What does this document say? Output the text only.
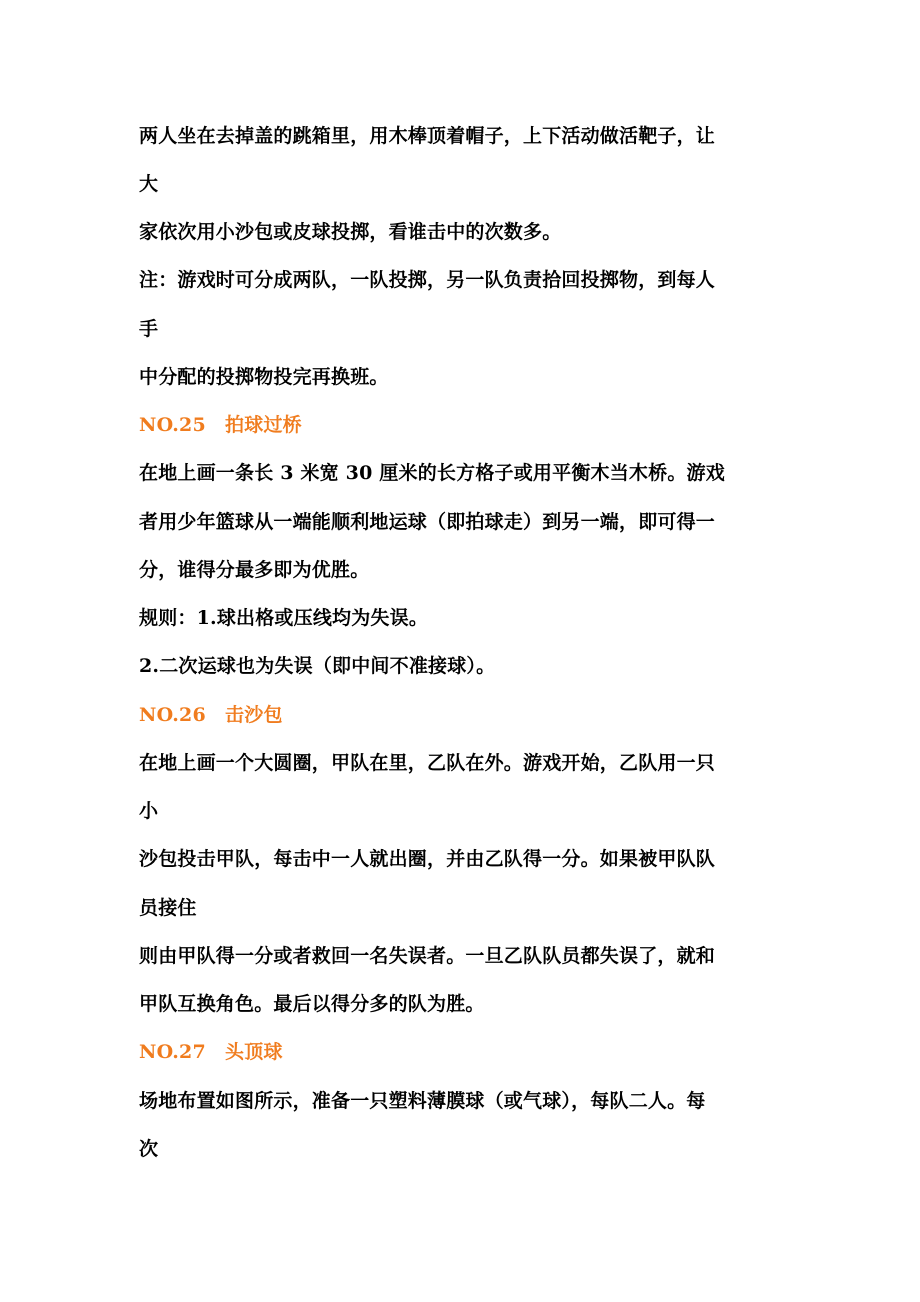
两人坐在去掉盖的跳箱里，用木棒顶着帽子，上下活动做活靶子，让
大
家依次用小沙包或皮球投掷，看谁击中的次数多。
注：游戏时可分成两队，一队投掷，另一队负责拾回投掷物，到每人
手
中分配的投掷物投完再换班。
NO.25　拍球过桥
在地上画一条长 3 米宽 30 厘米的长方格子或用平衡木当木桥。游戏
者用少年篮球从一端能顺利地运球（即拍球走）到另一端，即可得一
分，谁得分最多即为优胜。
规则：1.球出格或压线均为失误。
2.二次运球也为失误（即中间不准接球）。
NO.26　击沙包
在地上画一个大圆圈，甲队在里，乙队在外。游戏开始，乙队用一只
小
沙包投击甲队，每击中一人就出圈，并由乙队得一分。如果被甲队队
员接住
则由甲队得一分或者救回一名失误者。一旦乙队队员都失误了，就和
甲队互换角色。最后以得分多的队为胜。
NO.27　头顶球
场地布置如图所示，准备一只塑料薄膜球（或气球），每队二人。每
次
